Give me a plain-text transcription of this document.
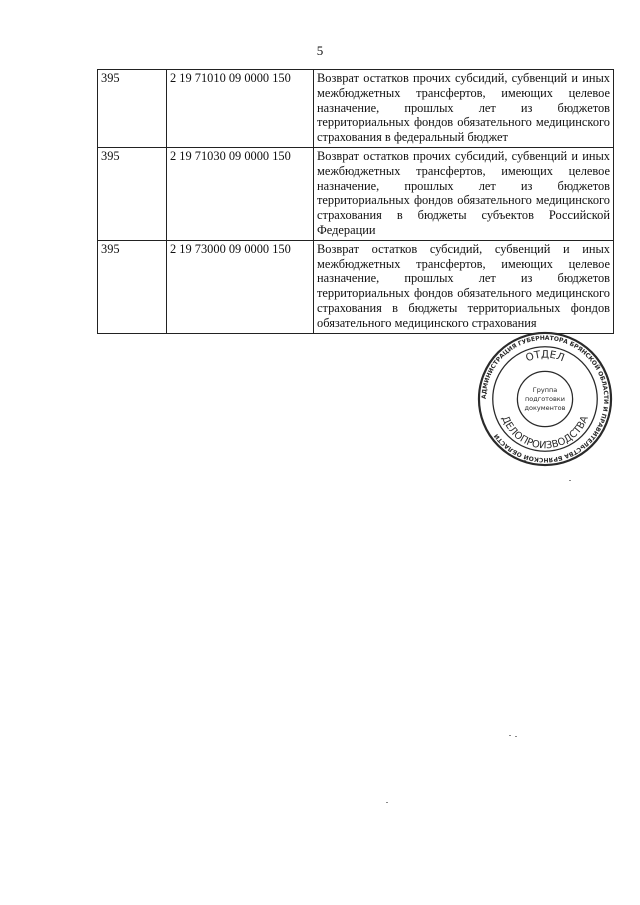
5
395	2 19 71010 09 0000 150	Возврат остатков прочих субсидий, субвенций и иных межбюджетных трансфертов, имеющих целевое назначение, прошлых лет из бюджетов территориальных фондов обязательного медицинского страхования в федеральный бюджет
395	2 19 71030 09 0000 150	Возврат остатков прочих субсидий, субвенций и иных межбюджетных трансфертов, имеющих целевое назначение, прошлых лет из бюджетов территориальных фондов обязательного медицинского страхования в бюджеты субъектов Российской Федерации
395	2 19 73000 09 0000 150	Возврат остатков субсидий, субвенций и иных межбюджетных трансфертов, имеющих целевое назначение, прошлых лет из бюджетов территориальных фондов обязательного медицинского страхования в бюджеты территориальных фондов обязательного медицинского страхования
АДМИНИСТРАЦИЯ ГУБЕРНАТОРА БРЯНСКОЙ ОБЛАСТИ И ПРАВИТЕЛЬСТВА БРЯНСКОЙ ОБЛАСТИ
ОТДЕЛ
ДЕЛОПРОИЗВОДСТВА
Группа
подготовки
документов
